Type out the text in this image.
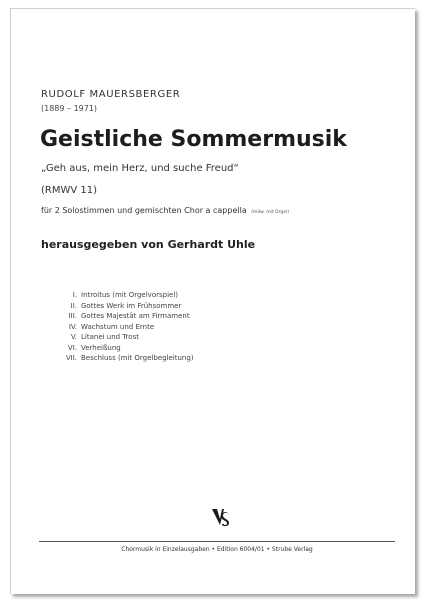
RUDOLF MAUERSBERGER
(1889 – 1971)
Geistliche Sommermusik
„Geh aus, mein Herz, und suche Freud“
(RMWV 11)
für 2 Solostimmen und gemischten Chor a cappella (teilw. mit Orgel)
herausgegeben von Gerhardt Uhle
I. Introitus (mit Orgelvorspiel)
II. Gottes Werk im Frühsommer
III. Gottes Majestät am Firmament
IV. Wachstum und Ernte
V. Litanei und Trost
VI. Verheißung
VII. Beschluss (mit Orgelbegleitung)
Chormusik in Einzelausgaben • Edition 6004/01 • Strube Verlag
